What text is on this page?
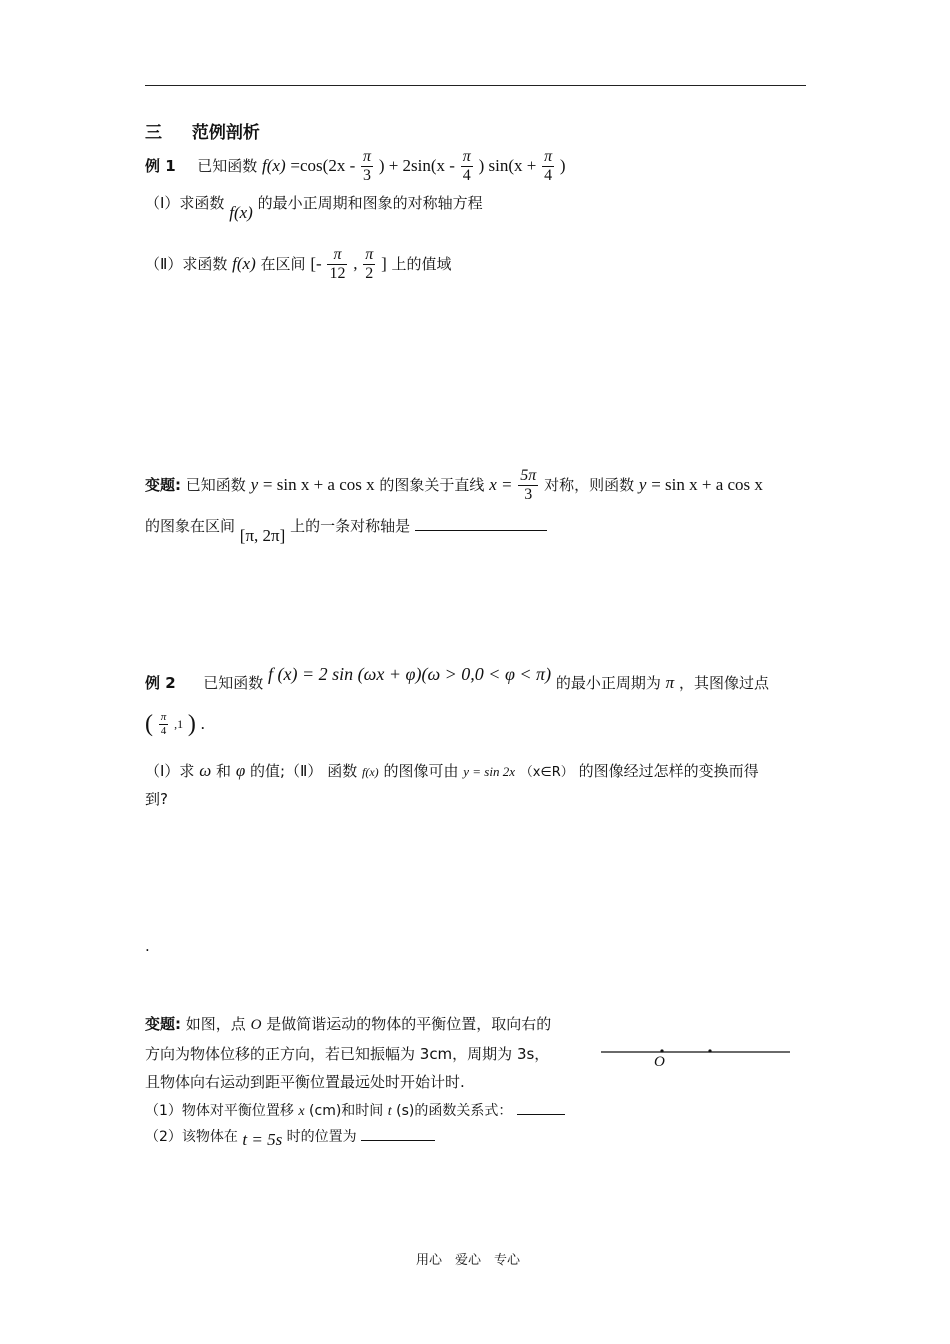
三 范例剖析
例 1 已知函数 $f(x) =\cos(2x - \frac{\pi}{3}$ ) + $2\sin(x - \frac{\pi}{4}$ ) $\sin(x + \frac{\pi}{4}$ )
（Ⅰ）求函数 f(x) 的最小正周期和图象的对称轴方程
（Ⅱ）求函数 f(x) 在区间 [- $\frac{\pi}{12}$ , $\frac{\pi}{2}$ ] 上的值域
变题: 已知函数 y = sin x + a cos x 的图象关于直线 $x = \frac{5\pi}{3}$ 对称，则函数 y = sin x + a cos x
的图象在区间 [π, 2π] 上的一条对称轴是
例 2 已知函数 f (x) = 2 sin (ωx + φ)(ω > 0,0 < φ < π) 的最小正周期为 π ，其图像过点
( $\frac{\pi}{4} ,1$ ) .
（Ⅰ）求 ω 和 φ 的值;（Ⅱ） 函数 f(x) 的图像可由 y = sin 2x （x∈R） 的图像经过怎样的变换而得
到?
.
变题: 如图，点 O 是做简谐运动的物体的平衡位置，取向右的
方向为物体位移的正方向，若已知振幅为 3cm，周期为 3s，
且物体向右运动到距平衡位置最远处时开始计时.
（1）物体对平衡位置移 x (cm)和时间 t (s)的函数关系式：
（2）该物体在 t = 5s 时的位置为
O
用心　爱心　专心
